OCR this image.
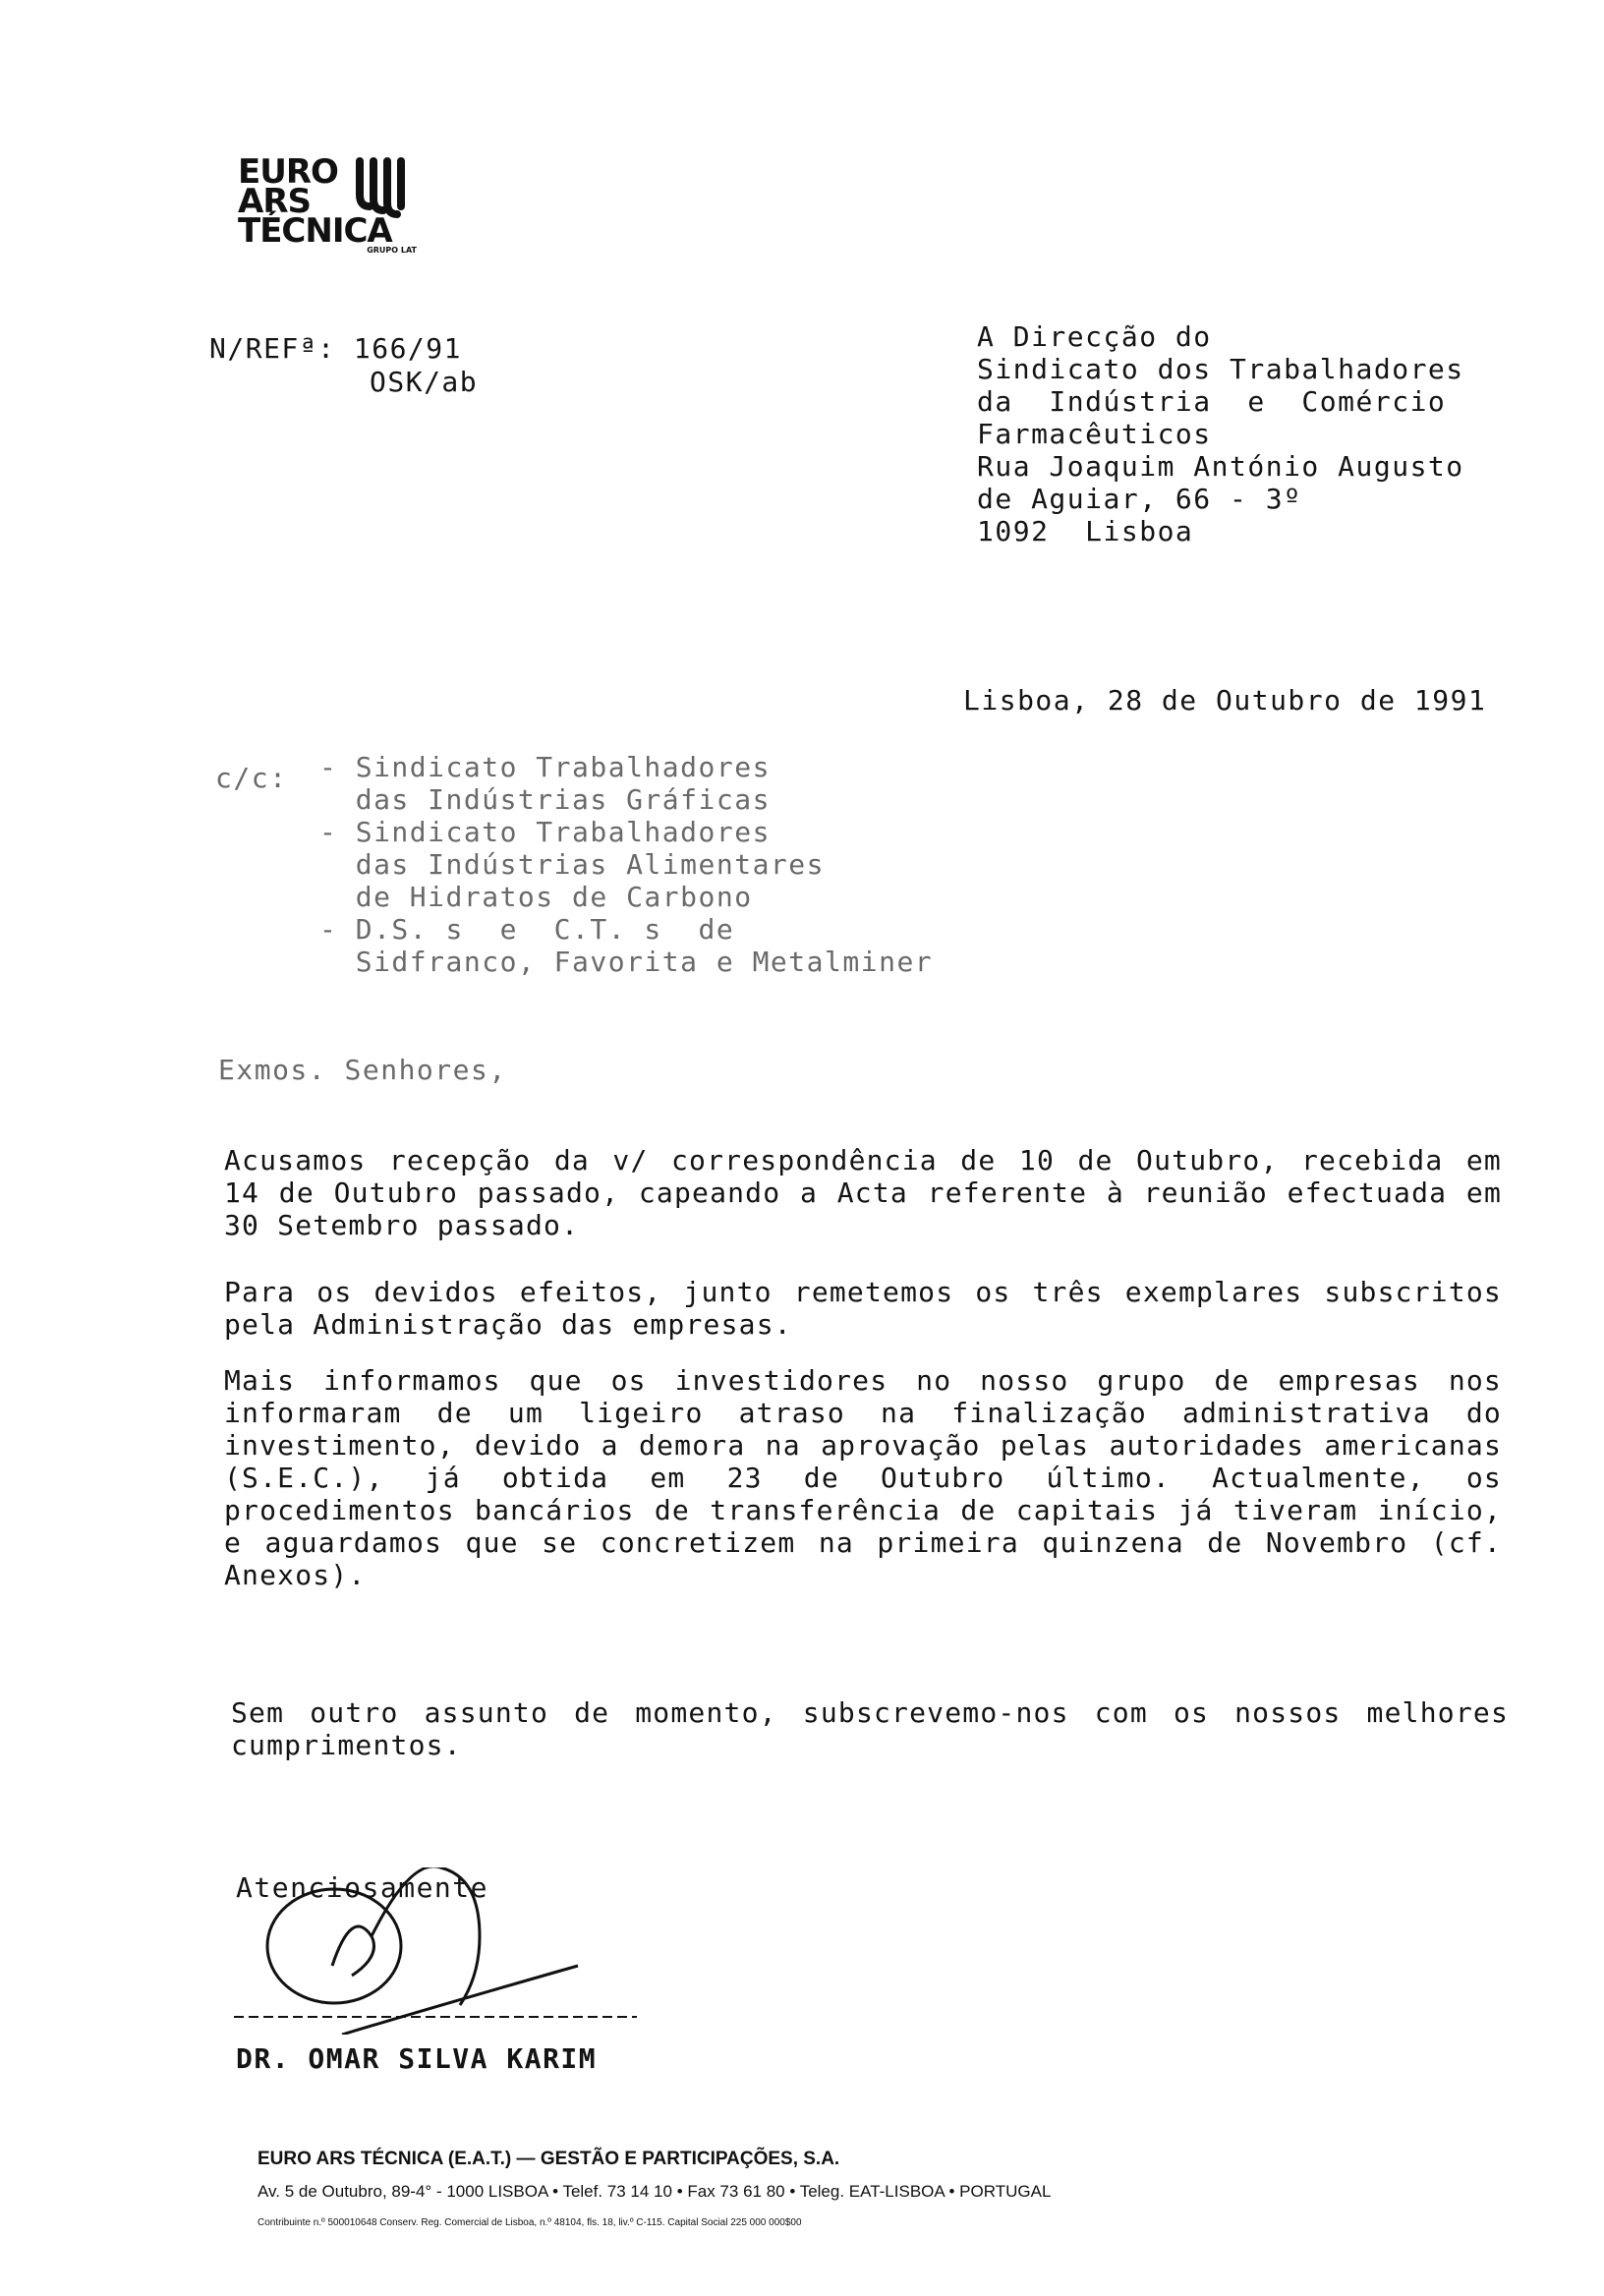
EURO
ARS
TÉCNICA
GRUPO LAT
N/REFª: 166/91
OSK/ab
A Direcção do
Sindicato dos Trabalhadores
da  Indústria  e  Comércio
Farmacêuticos
Rua Joaquim António Augusto
de Aguiar, 66 - 3º
1092  Lisboa
Lisboa, 28 de Outubro de 1991
c/c: - Sindicato Trabalhadores
das Indústrias Gráficas
- Sindicato Trabalhadores
das Indústrias Alimentares
de Hidratos de Carbono
- D.S. s  e  C.T. s  de
Sidfranco, Favorita e Metalminer
Exmos. Senhores,
Acusamos recepção da v/ correspondência de 10 de Outubro, recebida em 14 de Outubro passado, capeando a Acta referente à reunião efectuada em 30 Setembro passado.
Para os devidos efeitos, junto remetemos os três exemplares subscritos pela Administração das empresas.
Mais informamos que os investidores no nosso grupo de empresas nos informaram de um ligeiro atraso na finalização administrativa do investimento, devido a demora na aprovação pelas autoridades americanas (S.E.C.), já obtida em 23 de Outubro último. Actualmente, os procedimentos bancários de transferência de capitais já tiveram início, e aguardamos que se concretizem na primeira quinzena de Novembro (cf. Anexos).
Sem outro assunto de momento, subscrevemo-nos com os nossos melhores cumprimentos.
Atenciosamente
DR. OMAR SILVA KARIM
EURO ARS TÉCNICA (E.A.T.) — GESTÃO E PARTICIPAÇÕES, S.A.
Av. 5 de Outubro, 89-4° - 1000 LISBOA • Telef. 73 14 10 • Fax 73 61 80 • Teleg. EAT-LISBOA • PORTUGAL
Contribuinte n.º 500010648 Conserv. Reg. Comercial de Lisboa, n.º 48104, fls. 18, liv.º C-115. Capital Social 225 000 000$00
